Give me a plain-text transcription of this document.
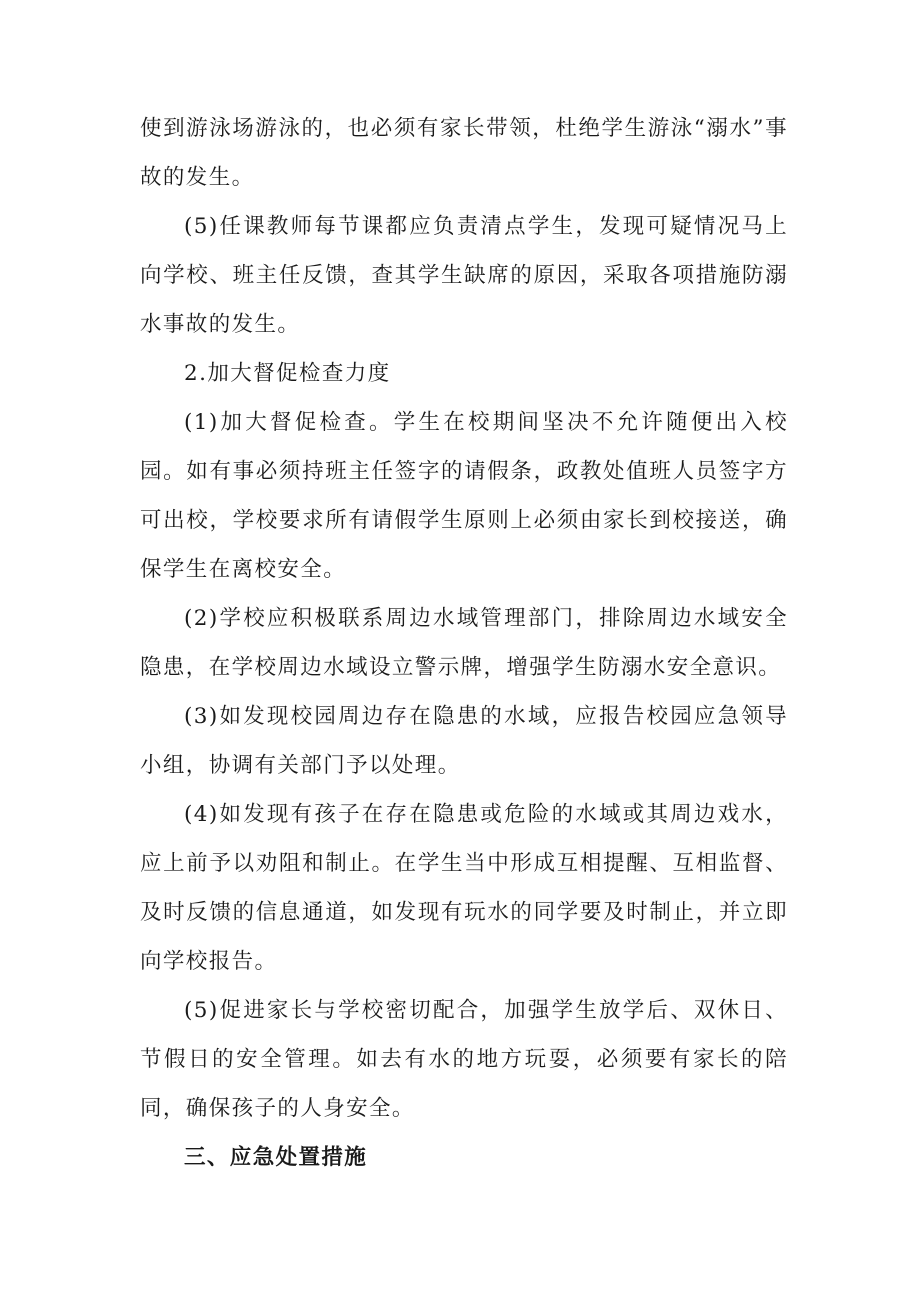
使到游泳场游泳的，也必须有家长带领，杜绝学生游泳“溺水”事故的发生。

(5)任课教师每节课都应负责清点学生，发现可疑情况马上向学校、班主任反馈，查其学生缺席的原因，采取各项措施防溺水事故的发生。

2.加大督促检查力度

(1)加大督促检查。学生在校期间坚决不允许随便出入校园。如有事必须持班主任签字的请假条，政教处值班人员签字方可出校，学校要求所有请假学生原则上必须由家长到校接送，确保学生在离校安全。

(2)学校应积极联系周边水域管理部门，排除周边水域安全隐患，在学校周边水域设立警示牌，增强学生防溺水安全意识。

(3)如发现校园周边存在隐患的水域，应报告校园应急领导小组，协调有关部门予以处理。

(4)如发现有孩子在存在隐患或危险的水域或其周边戏水，应上前予以劝阻和制止。在学生当中形成互相提醒、互相监督、及时反馈的信息通道，如发现有玩水的同学要及时制止，并立即向学校报告。

(5)促进家长与学校密切配合，加强学生放学后、双休日、节假日的安全管理。如去有水的地方玩耍，必须要有家长的陪同，确保孩子的人身安全。

三、应急处置措施
